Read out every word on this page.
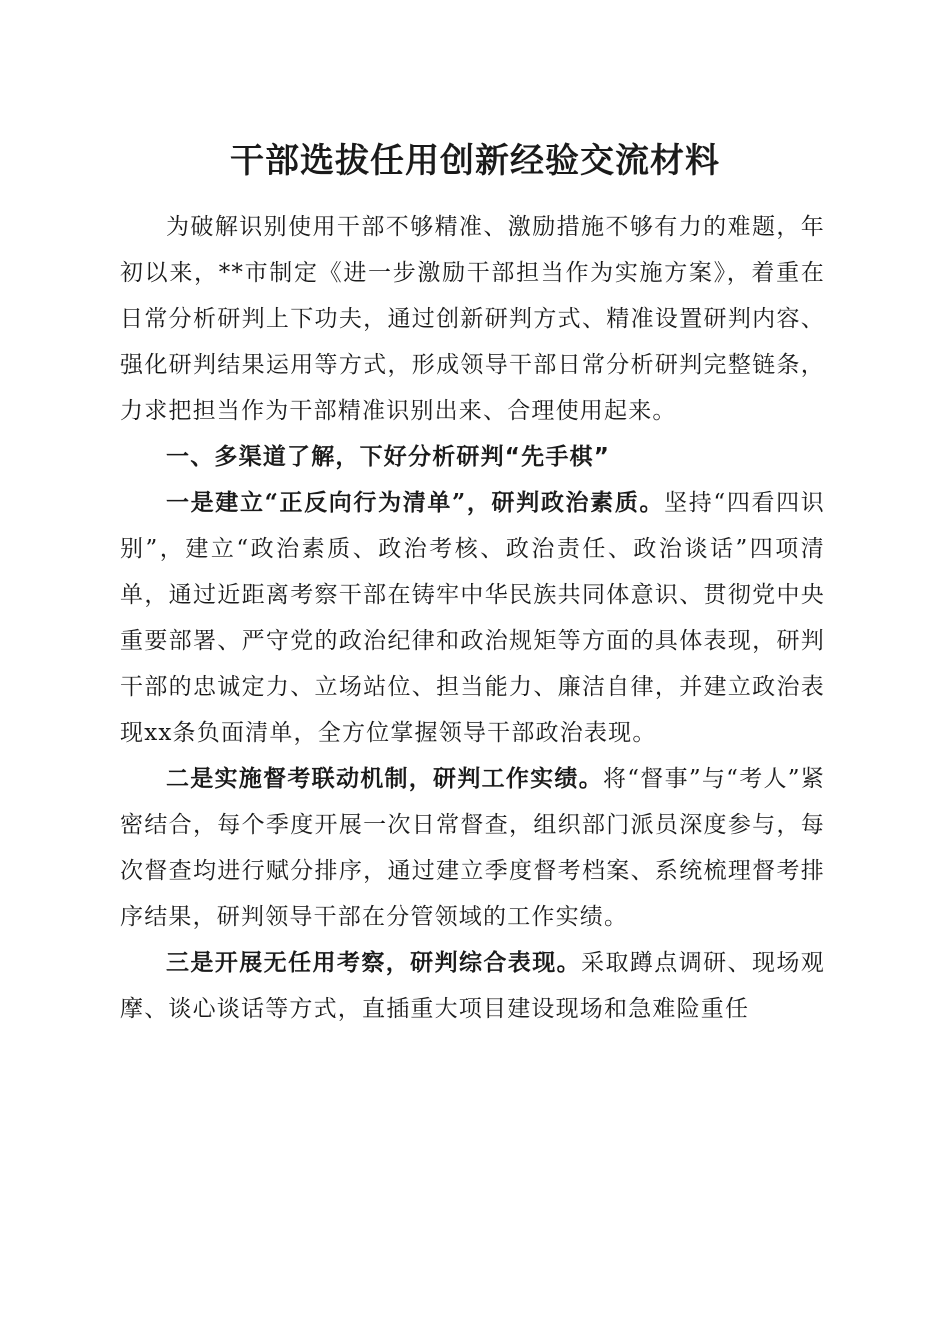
干部选拔任用创新经验交流材料

为破解识别使用干部不够精准、激励措施不够有力的难题，年初以来，**市制定《进一步激励干部担当作为实施方案》，着重在日常分析研判上下功夫，通过创新研判方式、精准设置研判内容、强化研判结果运用等方式，形成领导干部日常分析研判完整链条，力求把担当作为干部精准识别出来、合理使用起来。

一、多渠道了解，下好分析研判“先手棋”

一是建立“正反向行为清单”，研判政治素质。坚持“四看四识别”，建立“政治素质、政治考核、政治责任、政治谈话”四项清单，通过近距离考察干部在铸牢中华民族共同体意识、贯彻党中央重要部署、严守党的政治纪律和政治规矩等方面的具体表现，研判干部的忠诚定力、立场站位、担当能力、廉洁自律，并建立政治表现xx条负面清单，全方位掌握领导干部政治表现。

二是实施督考联动机制，研判工作实绩。将“督事”与“考人”紧密结合，每个季度开展一次日常督查，组织部门派员深度参与，每次督查均进行赋分排序，通过建立季度督考档案、系统梳理督考排序结果，研判领导干部在分管领域的工作实绩。

三是开展无任用考察，研判综合表现。采取蹲点调研、现场观摩、谈心谈话等方式，直插重大项目建设现场和急难险重任
